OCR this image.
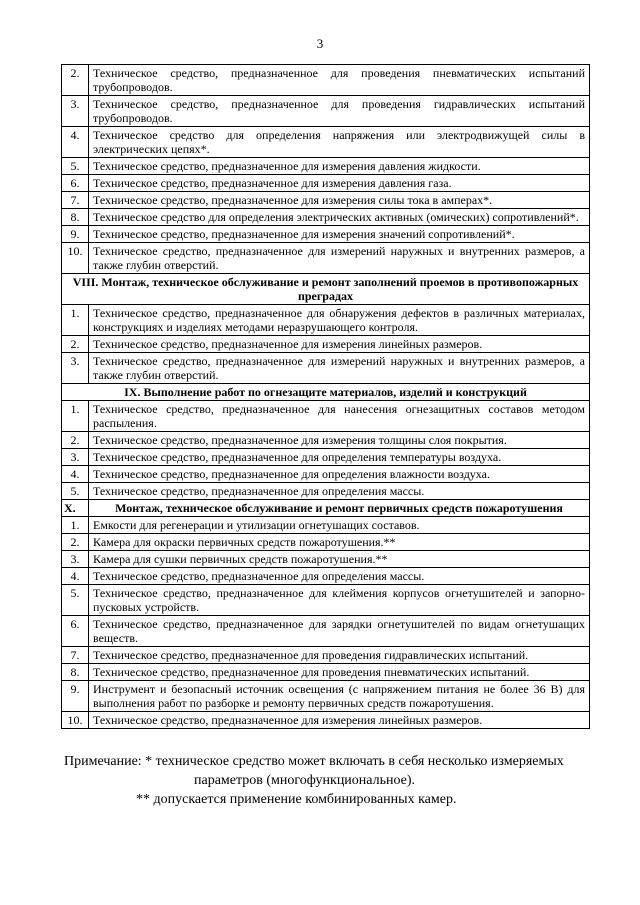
3
2.	Техническое средство, предназначенное для проведения пневматических испытаний трубопроводов.
3.	Техническое средство, предназначенное для проведения гидравлических испытаний трубопроводов.
4.	Техническое средство для определения напряжения или электродвижущей силы в электрических цепях*.
5.	Техническое средство, предназначенное для измерения давления жидкости.
6.	Техническое средство, предназначенное для измерения давления газа.
7.	Техническое средство, предназначенное для измерения силы тока в амперах*.
8.	Техническое средство для определения электрических активных (омических) сопротивлений*.
9.	Техническое средство, предназначенное для измерения значений сопротивлений*.
10.	Техническое средство, предназначенное для измерений наружных и внутренних размеров, а также глубин отверстий.
VIII. Монтаж, техническое обслуживание и ремонт заполнений проемов в противопожарных преградах	
1.	Техническое средство, предназначенное для обнаружения дефектов в различных материалах, конструкциях и изделиях методами неразрушающего контроля.
2.	Техническое средство, предназначенное для измерения линейных размеров.
3.	Техническое средство, предназначенное для измерений наружных и внутренних размеров, а также глубин отверстий.
IX. Выполнение работ по огнезащите материалов, изделий и конструкций	
1.	Техническое средство, предназначенное для нанесения огнезащитных составов методом распыления.
2.	Техническое средство, предназначенное для измерения толщины слоя покрытия.
3.	Техническое средство, предназначенное для определения температуры воздуха.
4.	Техническое средство, предназначенное для определения влажности воздуха.
5.	Техническое средство, предназначенное для определения массы.
X.	Монтаж, техническое обслуживание и ремонт первичных средств пожаротушения
1.	Емкости для регенерации и утилизации огнетушащих составов.
2.	Камера для окраски первичных средств пожаротушения.**
3.	Камера для сушки первичных средств пожаротушения.**
4.	Техническое средство, предназначенное для определения массы.
5.	Техническое средство, предназначенное для клеймения корпусов огнетушителей и запорно-пусковых устройств.
6.	Техническое средство, предназначенное для зарядки огнетушителей по видам огнетушащих веществ.
7.	Техническое средство, предназначенное для проведения гидравлических испытаний.
8.	Техническое средство, предназначенное для проведения пневматических испытаний.
9.	Инструмент и безопасный источник освещения (с напряжением питания не более 36 В) для выполнения работ по разборке и ремонту первичных средств пожаротушения.
10.	Техническое средство, предназначенное для измерения линейных размеров.
Примечание: * техническое средство может включать в себя несколько измеряемых
параметров (многофункциональное).
** допускается применение комбинированных камер.
